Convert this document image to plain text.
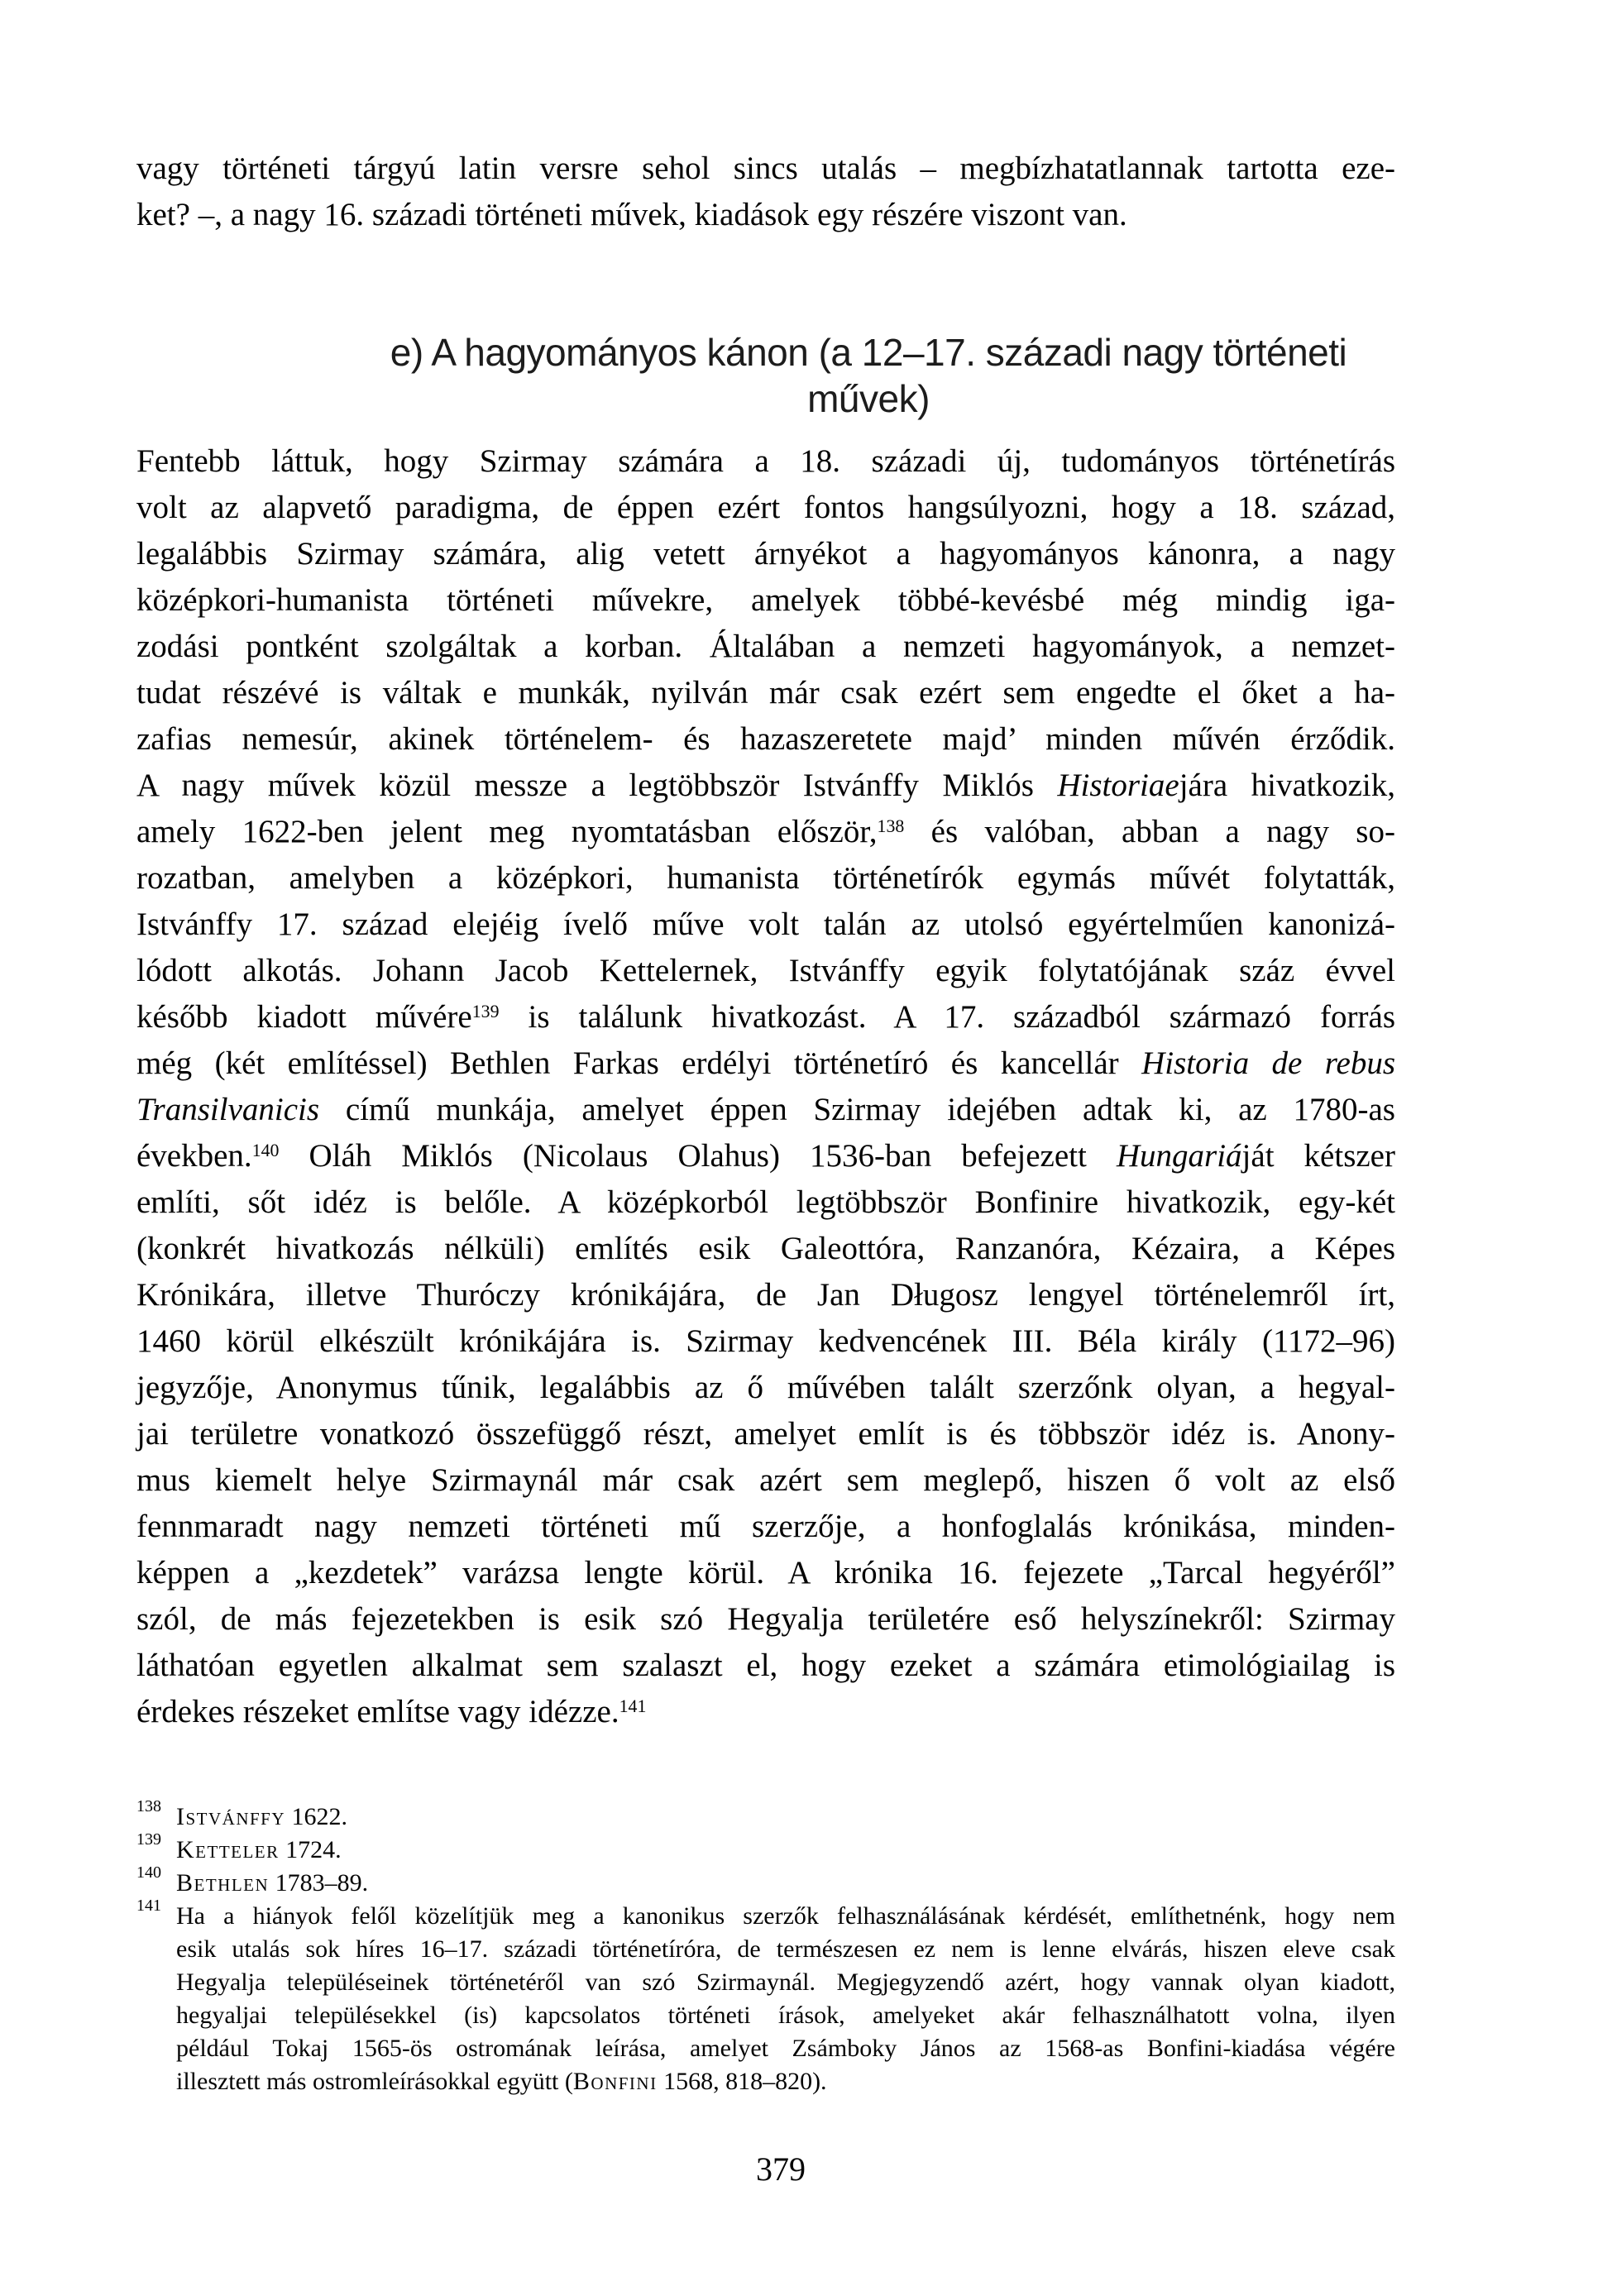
vagy történeti tárgyú latin versre sehol sincs utalás – megbízhatatlannak tartotta eze-
ket? –, a nagy 16. századi történeti művek, kiadások egy részére viszont van.
e) A hagyományos kánon (a 12–17. századi nagy történeti művek)
Fentebb láttuk, hogy Szirmay számára a 18. századi új, tudományos történetírás
volt az alapvető paradigma, de éppen ezért fontos hangsúlyozni, hogy a 18. század,
legalábbis Szirmay számára, alig vetett árnyékot a hagyományos kánonra, a nagy
középkori-humanista történeti művekre, amelyek többé-kevésbé még mindig iga-
zodási pontként szolgáltak a korban. Általában a nemzeti hagyományok, a nemzet-
tudat részévé is váltak e munkák, nyilván már csak ezért sem engedte el őket a ha-
zafias nemesúr, akinek történelem- és hazaszeretete majd’ minden művén érződik.
A nagy művek közül messze a legtöbbször Istvánffy Miklós Historiaejára hivatkozik,
amely 1622-ben jelent meg nyomtatásban először,$^{138}$ és valóban, abban a nagy so-
rozatban, amelyben a középkori, humanista történetírók egymás művét folytatták,
Istvánffy 17. század elejéig ívelő műve volt talán az utolsó egyértelműen kanonizá-
lódott alkotás. Johann Jacob Kettelernek, Istvánffy egyik folytatójának száz évvel
később kiadott művére$^{139}$ is találunk hivatkozást. A 17. századból származó forrás
még (két említéssel) Bethlen Farkas erdélyi történetíró és kancellár Historia de rebus
Transilvanicis című munkája, amelyet éppen Szirmay idejében adtak ki, az 1780-as
években.$^{140}$ Oláh Miklós (Nicolaus Olahus) 1536-ban befejezett Hungariáját kétszer
említi, sőt idéz is belőle. A középkorból legtöbbször Bonfinire hivatkozik, egy-két
(konkrét hivatkozás nélküli) említés esik Galeottóra, Ranzanóra, Kézaira, a Képes
Krónikára, illetve Thuróczy krónikájára, de Jan Długosz lengyel történelemről írt,
1460 körül elkészült krónikájára is. Szirmay kedvencének III. Béla király (1172–96)
jegyzője, Anonymus tűnik, legalábbis az ő művében talált szerzőnk olyan, a hegyal-
jai területre vonatkozó összefüggő részt, amelyet említ is és többször idéz is. Anony-
mus kiemelt helye Szirmaynál már csak azért sem meglepő, hiszen ő volt az első
fennmaradt nagy nemzeti történeti mű szerzője, a honfoglalás krónikása, minden-
képpen a „kezdetek” varázsa lengte körül. A krónika 16. fejezete „Tarcal hegyéről”
szól, de más fejezetekben is esik szó Hegyalja területére eső helyszínekről: Szirmay
láthatóan egyetlen alkalmat sem szalaszt el, hogy ezeket a számára etimológiailag is
érdekes részeket említse vagy idézze.$^{141}$
138 Istvánffy 1622.
139 Ketteler 1724.
140 Bethlen 1783–89.
141 Ha a hiányok felől közelítjük meg a kanonikus szerzők felhasználásának kérdését, említhetnénk, hogy nem
esik utalás sok híres 16–17. századi történetíróra, de természesen ez nem is lenne elvárás, hiszen eleve csak
Hegyalja településeinek történetéről van szó Szirmaynál. Megjegyzendő azért, hogy vannak olyan kiadott,
hegyaljai településekkel (is) kapcsolatos történeti írások, amelyeket akár felhasználhatott volna, ilyen
például Tokaj 1565-ös ostromának leírása, amelyet Zsámboky János az 1568-as Bonfini-kiadása végére
illesztett más ostromleírásokkal együtt (Bonfini 1568, 818–820).
379
